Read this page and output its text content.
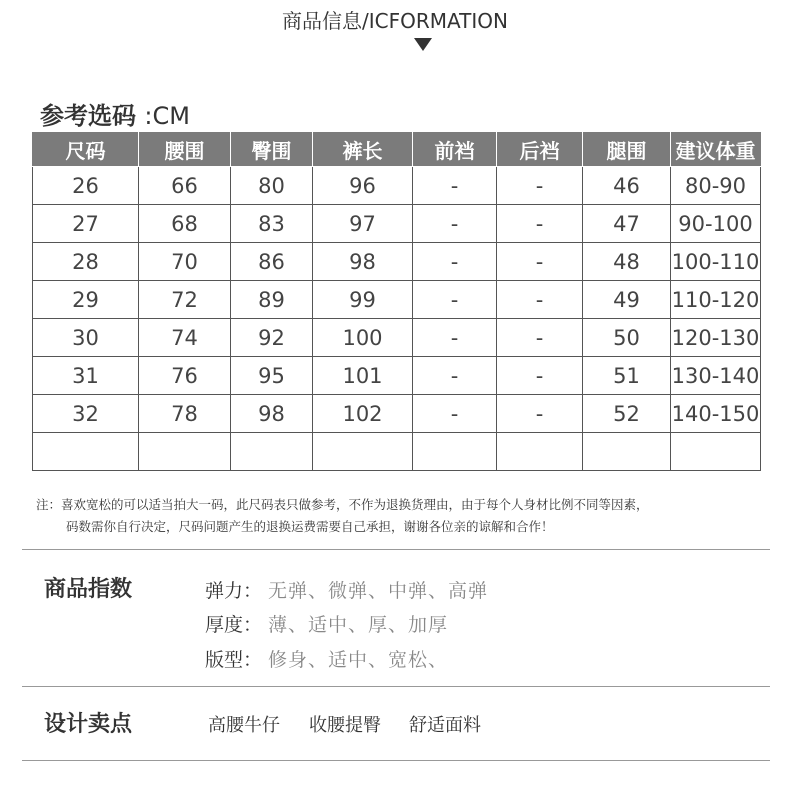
商品信息/ICFORMATION
参考选码 :CM
尺码	腰围	臀围	裤长	前裆	后裆	腿围	建议体重
26	66	80	96	-	-	46	80-90
27	68	83	97	-	-	47	90-100
28	70	86	98	-	-	48	100-110
29	72	89	99	-	-	49	110-120
30	74	92	100	-	-	50	120-130
31	76	95	101	-	-	51	130-140
32	78	98	102	-	-	52	140-150

注：喜欢宽松的可以适当拍大一码，此尺码表只做参考，不作为退换货理由，由于每个人身材比例不同等因素，
码数需你自行决定，尺码问题产生的退换运费需要自己承担，谢谢各位亲的谅解和合作！
商品指数	弹力： 无弹、微弹、中弹、高弹
厚度： 薄、适中、厚、加厚
版型： 修身、适中、宽松、
设计卖点	高腰牛仔 收腰提臀 舒适面料
